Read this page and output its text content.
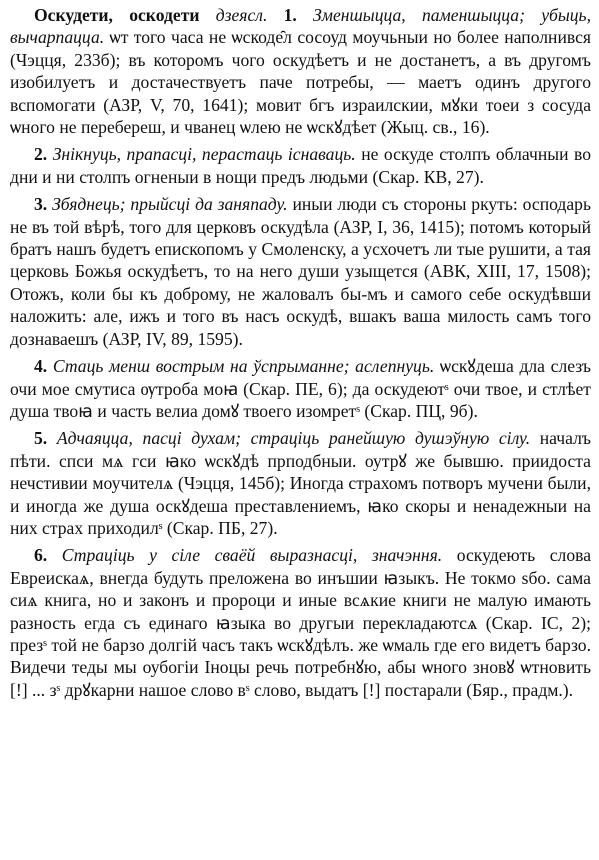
Оскудети, оскодети дзеясл. 1. Зменшыцца, паменшыцца; убыць, вычарпацца. ѡт того часа не ѡскоде̑л сосоуд моучьныи но более наполнився (Чэцця, 233б); въ которомъ чого оскудѣетъ и не достанетъ, а въ другомъ изобилуетъ и достачествуетъ паче потребы, — маетъ одинъ другого вспомогати (АЗР, V, 70, 1641); мовит бгъ израилскии, мꙋки тоеи з сосуда ѡного не перебереш, и чванец ѡлею не ѡскꙋдѣет (Жыц. св., 16).

2. Знікнуць, прапасці, перастаць існаваць. не оскуде столпъ облачныи во дни и ни столпъ огненыи в нощи предъ людьми (Скар. КВ, 27).

3. Збяднець; прыйсці да заняпаду. иныи люди съ стороны ркуть: осподарь не въ той вѣрѣ, того для церковъ оскудѣла (АЗР, I, 36, 1415); потомъ который братъ нашъ будетъ епископомъ у Смоленску, а усхочетъ ли тые рушити, а тая церковь Божья оскудѣетъ, то на него души узыщется (АВК, XIII, 17, 1508); Отожъ, коли бы къ доброму, не жаловалъ бы-мъ и самого себе оскудѣвши наложить: але, ижъ и того въ насъ оскудѣ, вшакъ ваша милость самъ того дознаваешъ (АЗР, IV, 89, 1595).

4. Стаць менш вострым на ўспрыманне; аслепнуць. ѡскꙋдеша дла слезъ очи мое смутиса ѹтроба моꙗ (Скар. ПЕ, 6); да оскудеют͏ˢ очи твое, и стлѣет душа твоꙗ и часть велиа домꙋ твоего изомрет͏ˢ (Скар. ПЦ, 9б).

5. Адчаяцца, пасці духам; страціць ранейшую душэўную сілу. началъ пѣти. спси мѧ гси ꙗко ѡскꙋдѣ прподбныи. оутрꙋ же бывшю. приидоста нечстивии моучителѧ (Чэцця, 145б); Иногда страхомъ потворъ мучени были, и иногда же душа оскꙋдеша преставлениемъ, ꙗко скоры и ненадежныи на них страх приходил͏ˢ (Скар. ПБ, 27).

6. Страціць у сіле сваёй выразнасці, значэння. оскудеють слова Евреискаѧ, внегда будуть преложена во инъшии ꙗзыкъ. Не токмо ѕбо. сама сиѧ книга, но и законъ и пророци и иные всѧкие книги не малую имають разность егда съ единаго ꙗзыка во другыи перекладаютсѧ (Скар. ІС, 2); през͏ˢ той не барзо долгій часъ такъ ѡскꙋдѣлъ. же ѡмаль где его видетъ барзо. Видечи теды мы оубогіи Іноцы речь потребнꙋю, абы ѡного зновꙋ ѡтновить [!] ... з͏ˢ дрꙋкарни нашое слово в͏ˢ слово, выдатъ [!] постарали (Бяр., прадм.).
